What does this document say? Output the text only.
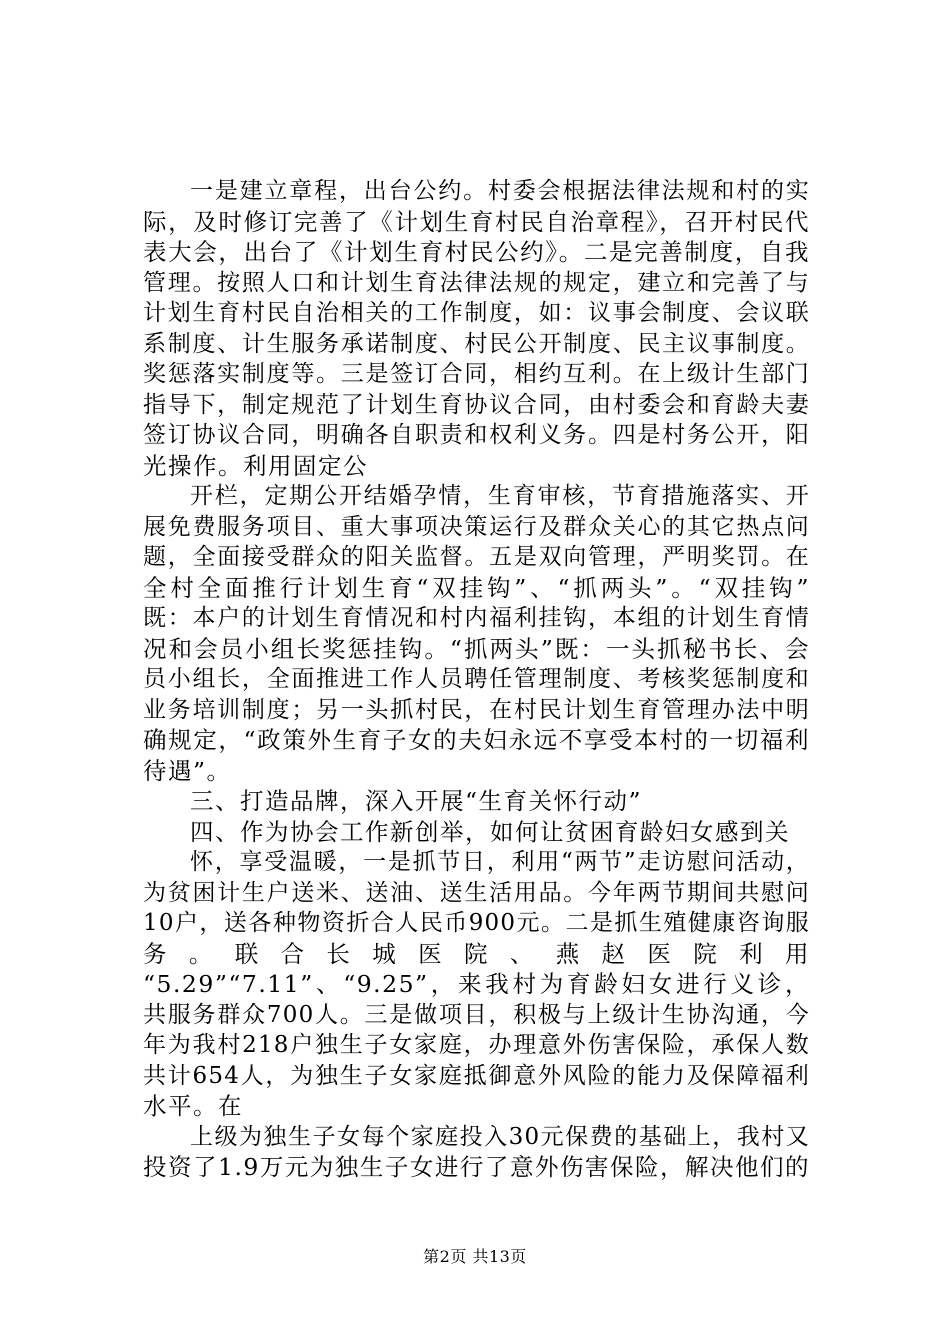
一是建立章程，出台公约。村委会根据法律法规和村的实
际，及时修订完善了《计划生育村民自治章程》，召开村民代
表大会，出台了《计划生育村民公约》。二是完善制度，自我
管理。按照人口和计划生育法律法规的规定，建立和完善了与
计划生育村民自治相关的工作制度，如：议事会制度、会议联
系制度、计生服务承诺制度、村民公开制度、民主议事制度。
奖惩落实制度等。三是签订合同，相约互利。在上级计生部门
指导下，制定规范了计划生育协议合同，由村委会和育龄夫妻
签订协议合同，明确各自职责和权利义务。四是村务公开，阳
光操作。利用固定公
开栏，定期公开结婚孕情，生育审核，节育措施落实、开
展免费服务项目、重大事项决策运行及群众关心的其它热点问
题，全面接受群众的阳关监督。五是双向管理，严明奖罚。在
全村全面推行计划生育“双挂钩”、“抓两头”。“双挂钩”
既：本户的计划生育情况和村内福利挂钩，本组的计划生育情
况和会员小组长奖惩挂钩。“抓两头”既：一头抓秘书长、会
员小组长，全面推进工作人员聘任管理制度、考核奖惩制度和
业务培训制度；另一头抓村民，在村民计划生育管理办法中明
确规定，“政策外生育子女的夫妇永远不享受本村的一切福利
待遇”。
三、打造品牌，深入开展“生育关怀行动”
四、作为协会工作新创举，如何让贫困育龄妇女感到关
怀，享受温暖，一是抓节日，利用“两节”走访慰问活动，
为贫困计生户送米、送油、送生活用品。今年两节期间共慰问
10户，送各种物资折合人民币900元。二是抓生殖健康咨询服
务 。 联 合 长 城 医 院 、 燕 赵 医 院 利 用
“5.29”“7.11”、“9.25”，来我村为育龄妇女进行义诊，
共服务群众700人。三是做项目，积极与上级计生协沟通，今
年为我村218户独生子女家庭，办理意外伤害保险，承保人数
共计654人，为独生子女家庭抵御意外风险的能力及保障福利
水平。在
上级为独生子女每个家庭投入30元保费的基础上，我村又
投资了1.9万元为独生子女进行了意外伤害保险，解决他们的
第2页 共13页
